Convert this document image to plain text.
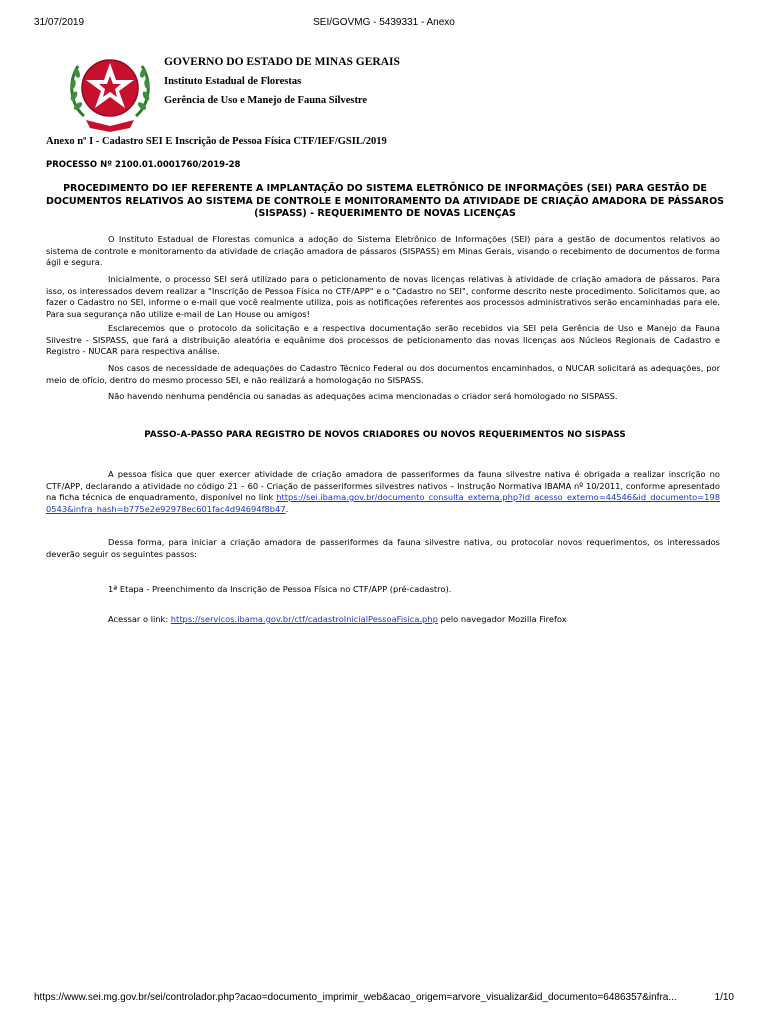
31/07/2019	SEI/GOVMG - 5439331 - Anexo

GOVERNO DO ESTADO DE MINAS GERAIS

Instituto Estadual de Florestas

Gerência de Uso e Manejo de Fauna Silvestre

Anexo nº I - Cadastro SEI E Inscrição de Pessoa Física CTF/IEF/GSIL/2019
PROCESSO Nº 2100.01.0001760/2019-28
PROCEDIMENTO DO IEF REFERENTE A IMPLANTAÇÃO DO SISTEMA ELETRÔNICO DE INFORMAÇÕES (SEI) PARA GESTÃO DE DOCUMENTOS RELATIVOS AO SISTEMA DE CONTROLE E MONITORAMENTO DA ATIVIDADE DE CRIAÇÃO AMADORA DE PÁSSAROS (SISPASS) - REQUERIMENTO DE NOVAS LICENÇAS

O Instituto Estadual de Florestas comunica a adoção do Sistema Eletrônico de Informações (SEI) para a gestão de documentos relativos ao sistema de controle e monitoramento da atividade de criação amadora de pássaros (SISPASS) em Minas Gerais, visando o recebimento de documentos de forma ágil e segura.

Inicialmente, o processo SEI será utilizado para o peticionamento de novas licenças relativas à atividade de criação amadora de pássaros. Para isso, os interessados devem realizar a "Inscrição de Pessoa Física no CTF/APP" e o "Cadastro no SEI", conforme descrito neste procedimento. Solicitamos que, ao fazer o Cadastro no SEI, informe o e-mail que você realmente utiliza, pois as notificações referentes aos processos administrativos serão encaminhadas para ele. Para sua segurança não utilize e-mail de Lan House ou amigos!

Esclarecemos que o protocolo da solicitação e a respectiva documentação serão recebidos via SEI pela Gerência de Uso e Manejo da Fauna Silvestre - SISPASS, que fará a distribuição aleatória e equânime dos processos de peticionamento das novas licenças aos Núcleos Regionais de Cadastro e Registro - NUCAR para respectiva análise.

Nos casos de necessidade de adequações do Cadastro Técnico Federal ou dos documentos encaminhados, o NUCAR solicitará as adequações, por meio de ofício, dentro do mesmo processo SEI, e não realizará a homologação no SISPASS.

Não havendo nenhuma pendência ou sanadas as adequações acima mencionadas o criador será homologado no SISPASS.

PASSO-A-PASSO PARA REGISTRO DE NOVOS CRIADORES OU NOVOS REQUERIMENTOS NO SISPASS

A pessoa física que quer exercer atividade de criação amadora de passeriformes da fauna silvestre nativa é obrigada a realizar inscrição no CTF/APP, declarando a atividade no código 21 – 60 - Criação de passeriformes silvestres nativos – Instrução Normativa IBAMA nº 10/2011, conforme apresentado na ficha técnica de enquadramento, disponível no link https://sei.ibama.gov.br/documento_consulta_externa.php?id_acesso_externo=44546&id_documento=1980543&infra_hash=b775e2e92978ec601fac4d94694f8b47.

Dessa forma, para iniciar a criação amadora de passeriformes da fauna silvestre nativa, ou protocolar novos requerimentos, os interessados deverão seguir os seguintes passos:

1ª Etapa - Preenchimento da Inscrição de Pessoa Física no CTF/APP (pré-cadastro).
Acessar o link: https://servicos.ibama.gov.br/ctf/cadastroInicialPessoaFisica.php pelo navegador Mozilla Firefox
https://www.sei.mg.gov.br/sei/controlador.php?acao=documento_imprimir_web&acao_origem=arvore_visualizar&id_documento=6486357&infra...	1/10
